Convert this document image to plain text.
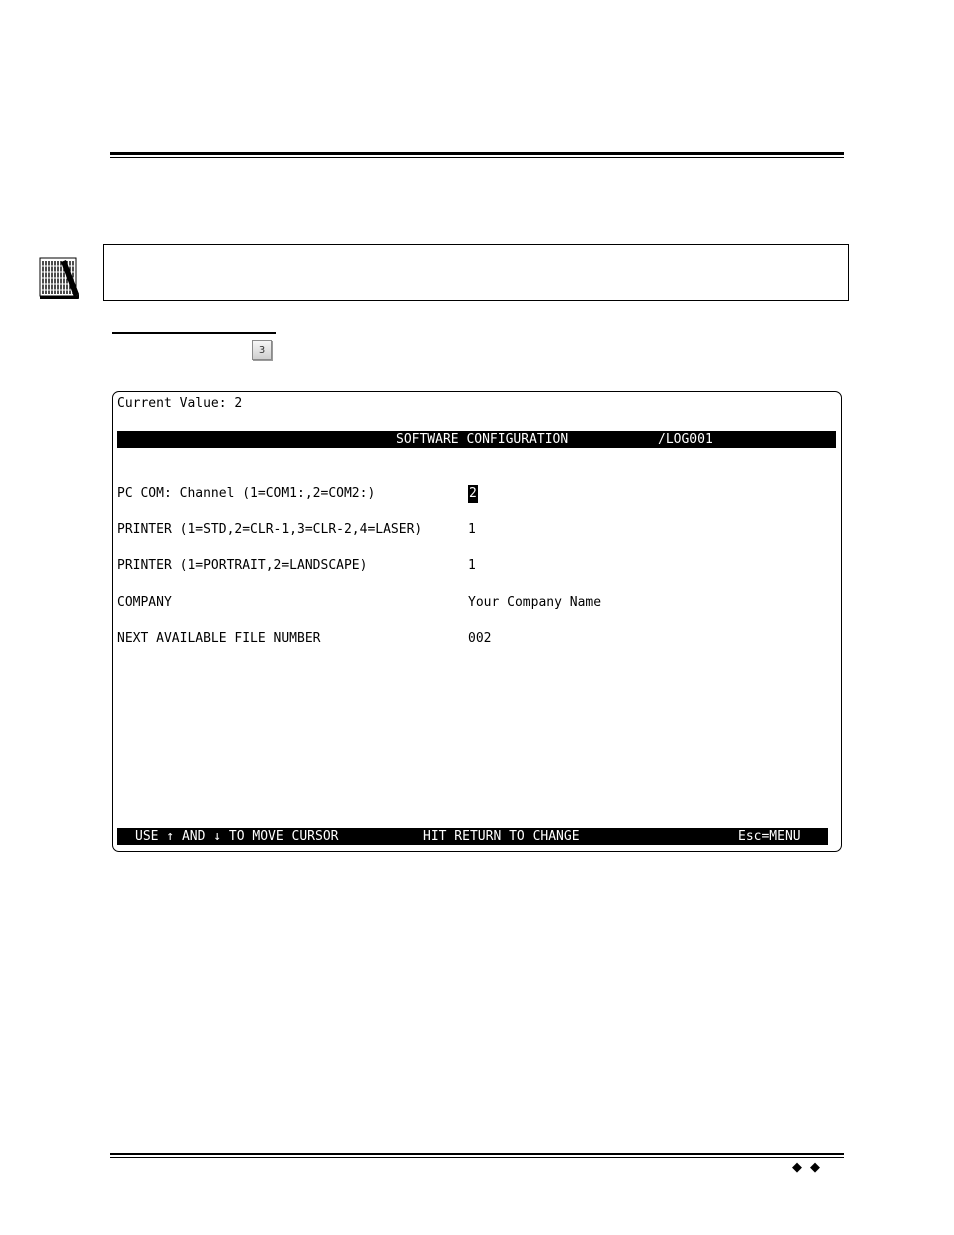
3
Current Value: 2
SOFTWARE CONFIGURATION	/LOG001
PC COM: Channel (1=COM1:,2=COM2:)	2
PRINTER (1=STD,2=CLR-1,3=CLR-2,4=LASER)	1
PRINTER (1=PORTRAIT,2=LANDSCAPE)	1
COMPANY	Your Company Name
NEXT AVAILABLE FILE NUMBER	002
USE ↑ AND ↓ TO MOVE CURSOR	HIT RETURN TO CHANGE	Esc=MENU
◆◆
